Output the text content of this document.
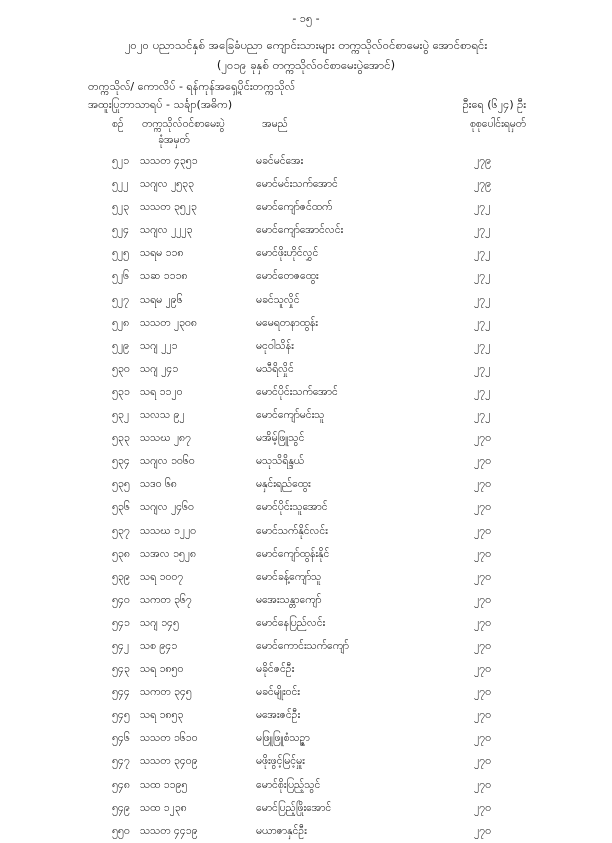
- ၁၅ -
၂၀၂၀ ပညာသင်နှစ် အခြေခံပညာ ကျောင်းသားများ တက္ကသိုလ်ဝင်စာမေးပွဲ အောင်စာရင်း
(၂၀၁၉ ခုနှစ် တက္ကသိုလ်ဝင်စာမေးပွဲအောင်)
တက္ကသိုလ်/ ကောလိပ် - ရန်ကုန်အရှေ့ပိုင်းတက္ကသိုလ်
အထူးပြုဘာသာရပ် - သင်္ချာ(အဓိက)	ဦးရေ (၆၂၄) ဦး
စဉ် တက္ကသိုလ်ဝင်စာမေးပွဲ
ခုံအမှတ်
အမည်	စုစုပေါင်းရမှတ်
၅၂၁ သသတ ၄၃၅၁	မခင်မင်အေး	၂၇၉
၅၂၂ သဂျလ ၂၅၃၃	မောင်မင်းသက်အောင်	၂၇၉
၅၂၃ သသတ ၃၅၂၃	မောင်ကျော်ဇင်ထက်	၂၇၂
၅၂၄ သဂျလ ၂၂၂၃	မောင်ကျော်အောင်လင်း	၂၇၂
၅၂၅ သရမ ၁၁၈	မောင်ဖိုးဟိုင်လွှင်	၂၇၂
၅၂၆ သဆ ၁၁၁၈	မောင်တေဇထွေး	၂၇၂
၅၂၇ သရမ ၂၉၆	မခင်သူလှိုင်	၂၇၂
၅၂၈ သသတ ၂၃၀၈	မမေရတနာထွန်း	၂၇၂
၅၂၉ သဂျ ၂၂၁	မငုဝါသိန်း	၂၇၂
၅၃၀ သဂျ ၂၄၁	မသီရိလှိုင်	၂၇၂
၅၃၁ သရ ၁၁၂၀	မောင်ပိုင်းသက်အောင်	၂၇၂
၅၃၂ သလသ ၉၂	မောင်ကျော်မင်းသူ	၂၇၂
၅၃၃ သသဃ ၂၈၇	မအိမ့်ဖြူသွင်	၂၇၀
၅၃၄ သဂျလ ၁၀၆၀	မသုသိရိန္ဒယ်	၂၇၀
၅၃၅ သဒဝ ၆၈	မနှင်းရည်ထွေး	၂၇၀
၅၃၆ သဂျလ ၂၄၆၀	မောင်ပိုင်းသူအောင်	၂၇၀
၅၃၇ သသဃ ၁၂၂၀	မောင်သက်နိုင်လင်း	၂၇၀
၅၃၈ သအလ ၁၅၂၈	မောင်ကျော်ထွန်းနိုင်	၂၇၀
၅၃၉ သရ ၁၀၀၇	မောင်ခန့်ကျော်သူ	၂၇၀
၅၄၀ သကတ ၃၆၇	မအေးသန္တာကျော်	၂၇၀
၅၄၁ သဂျ ၁၄၅	မောင်နေပြည်လင်း	၂၇၀
၅၄၂ သစ ၉၄၁	မောင်ကောင်းသက်ကျော်	၂၇၀
၅၄၃ သရ ၁၈၅၀	မခိုင်ဇင်ဦး	၂၇၀
၅၄၄ သကတ ၃၄၅	မခင်မျိုးဝင်း	၂၇၀
၅၄၅ သရ ၁၈၅၃	မအေးဇင်ဦး	၂၇၀
၅၄၆ သသတ ၁၆၁၀	မဖြူဖြူစံသဥ္ဇာ	၂၇၀
၅၄၇ သသတ ၃၄၀၉	မဖိုးဖွင့်မြင့်မှူး	၂၇၀
၅၄၈ သထ ၁၁၉၅	မောင်စိုးပြည့်သွင်	၂၇၀
၅၄၉ သထ ၁၂၃၈	မောင်ပြည့်ဖြိုးအောင်	၂၇၀
၅၅၀ သသတ ၄၄၁၉	မယာဇာနှင်ဦး	၂၇၀
